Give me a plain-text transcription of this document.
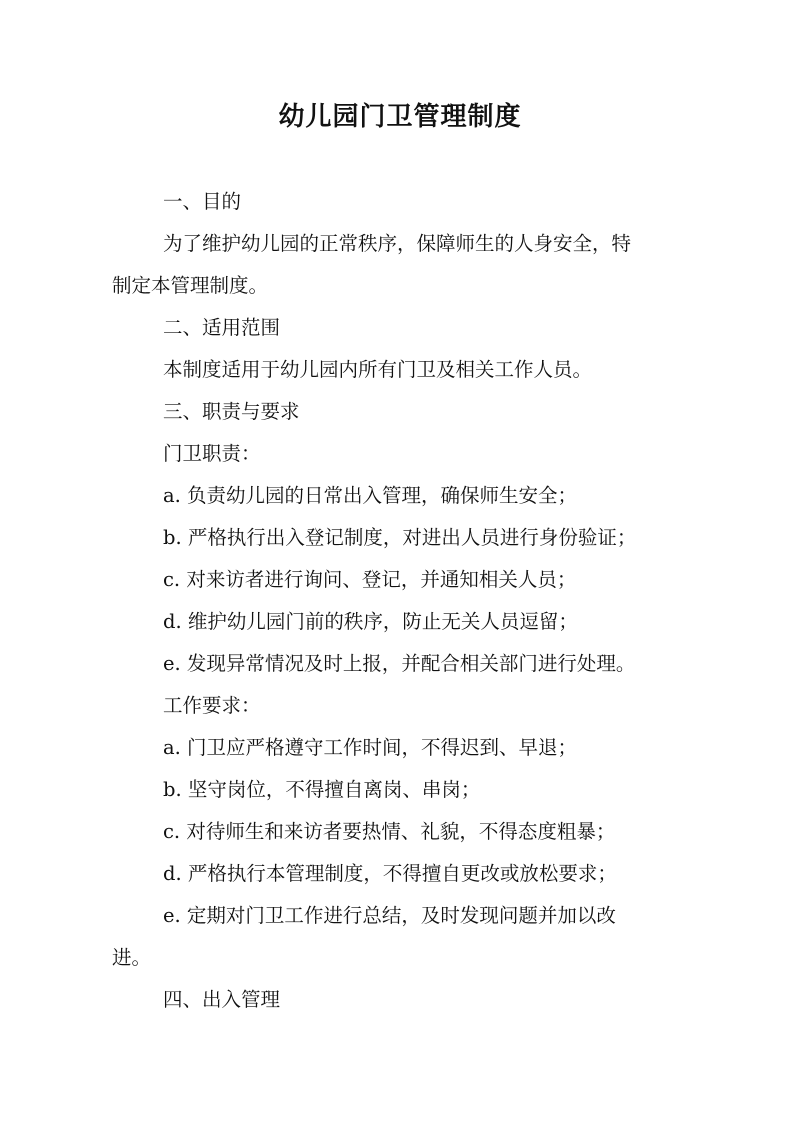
幼儿园门卫管理制度
一、目的
为了维护幼儿园的正常秩序，保障师生的人身安全，特
制定本管理制度。
二、适用范围
本制度适用于幼儿园内所有门卫及相关工作人员。
三、职责与要求
门卫职责：
a. 负责幼儿园的日常出入管理，确保师生安全；
b. 严格执行出入登记制度，对进出人员进行身份验证；
c. 对来访者进行询问、登记，并通知相关人员；
d. 维护幼儿园门前的秩序，防止无关人员逗留；
e. 发现异常情况及时上报，并配合相关部门进行处理。
工作要求：
a. 门卫应严格遵守工作时间，不得迟到、早退；
b. 坚守岗位，不得擅自离岗、串岗；
c. 对待师生和来访者要热情、礼貌，不得态度粗暴；
d. 严格执行本管理制度，不得擅自更改或放松要求；
e. 定期对门卫工作进行总结，及时发现问题并加以改
进。
四、出入管理
